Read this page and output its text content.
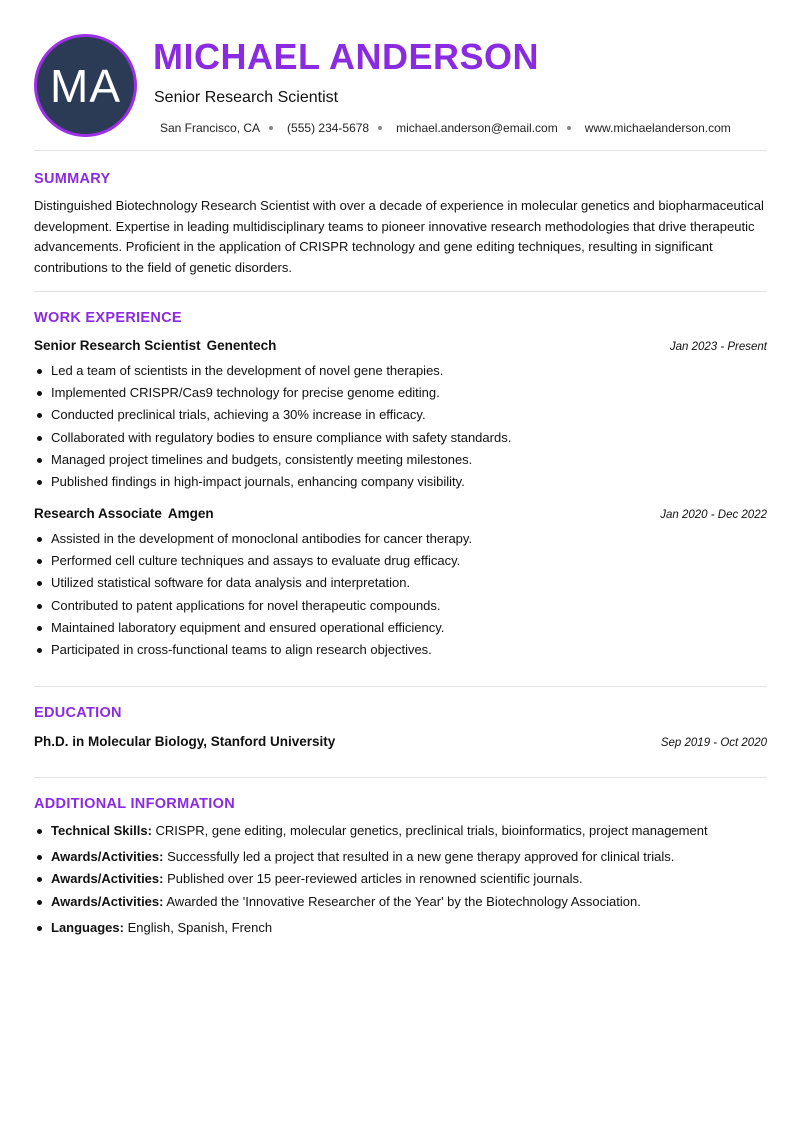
MA
MICHAEL ANDERSON
Senior Research Scientist
San Francisco, CA (555) 234-5678 michael.anderson@email.com www.michaelanderson.com
SUMMARY
Distinguished Biotechnology Research Scientist with over a decade of experience in molecular genetics and biopharmaceutical development. Expertise in leading multidisciplinary teams to pioneer innovative research methodologies that drive therapeutic advancements. Proficient in the application of CRISPR technology and gene editing techniques, resulting in significant contributions to the field of genetic disorders.
WORK EXPERIENCE
Senior Research Scientist Genentech	Jan 2023 - Present
Led a team of scientists in the development of novel gene therapies.
Implemented CRISPR/Cas9 technology for precise genome editing.
Conducted preclinical trials, achieving a 30% increase in efficacy.
Collaborated with regulatory bodies to ensure compliance with safety standards.
Managed project timelines and budgets, consistently meeting milestones.
Published findings in high-impact journals, enhancing company visibility.
Research Associate Amgen	Jan 2020 - Dec 2022
Assisted in the development of monoclonal antibodies for cancer therapy.
Performed cell culture techniques and assays to evaluate drug efficacy.
Utilized statistical software for data analysis and interpretation.
Contributed to patent applications for novel therapeutic compounds.
Maintained laboratory equipment and ensured operational efficiency.
Participated in cross-functional teams to align research objectives.
EDUCATION
Ph.D. in Molecular Biology, Stanford University	Sep 2019 - Oct 2020
ADDITIONAL INFORMATION
Technical Skills: CRISPR, gene editing, molecular genetics, preclinical trials, bioinformatics, project management
Awards/Activities: Successfully led a project that resulted in a new gene therapy approved for clinical trials.
Awards/Activities: Published over 15 peer-reviewed articles in renowned scientific journals.
Awards/Activities: Awarded the 'Innovative Researcher of the Year' by the Biotechnology Association.
Languages: English, Spanish, French
